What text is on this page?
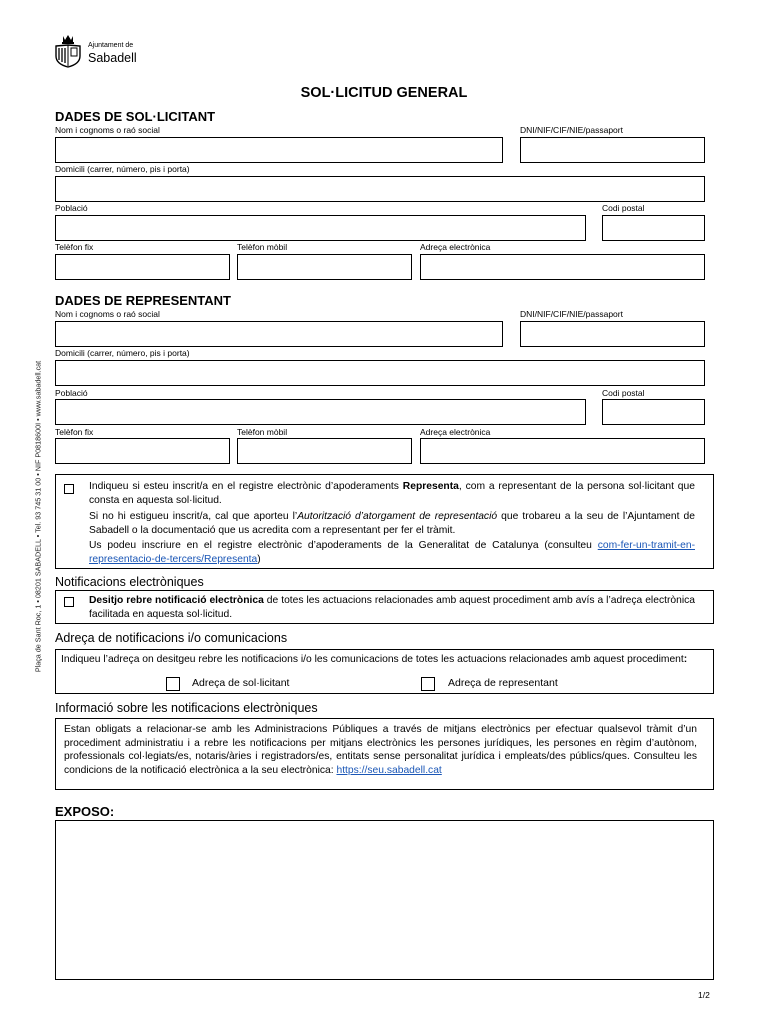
Ajuntament de
Sabadell
Plaça de Sant Roc, 1 • 08201 SABADELL • Tel. 93 745 31 00 • NIF P0818600I • www.sabadell.cat
SOL·LICITUD GENERAL
DADES DE SOL·LICITANT
Nom i cognoms o raó social	DNI/NIF/CIF/NIE/passaport
Domicili (carrer, número, pis i porta)
Població	Codi postal
Telèfon fix	Telèfon mòbil	Adreça electrònica
DADES DE REPRESENTANT
Nom i cognoms o raó social	DNI/NIF/CIF/NIE/passaport
Domicili (carrer, número, pis i porta)
Població	Codi postal
Telèfon fix	Telèfon mòbil	Adreça electrònica
Indiqueu si esteu inscrit/a en el registre electrònic d’apoderaments Representa, com a representant de la persona sol·licitant que consta en aquesta sol·licitud.
Si no hi estigueu inscrit/a, cal que aporteu l’Autorització d’atorgament de representació que trobareu a la seu de l’Ajuntament de Sabadell o la documentació que us acredita com a representant per fer el tràmit.
Us podeu inscriure en el registre electrònic d’apoderaments de la Generalitat de Catalunya (consulteu com-fer-un-tramit-en-representacio-de-tercers/Representa)
Notificacions electròniques
Desitjo rebre notificació electrònica de totes les actuacions relacionades amb aquest procediment amb avís a l’adreça electrònica facilitada en aquesta sol·licitud.
Adreça de notificacions i/o comunicacions
Indiqueu l’adreça on desitgeu rebre les notificacions i/o les comunicacions de totes les actuacions relacionades amb aquest procediment:
Adreça de sol·licitant	Adreça de representant
Informació sobre les notificacions electròniques
Estan obligats a relacionar-se amb les Administracions Públiques a través de mitjans electrònics per efectuar qualsevol tràmit d’un procediment administratiu i a rebre les notificacions per mitjans electrònics les persones jurídiques, les persones en règim d’autònom, professionals col·legiats/es, notaris/àries i registradors/es, entitats sense personalitat jurídica i empleats/des públics/ques. Consulteu les condicions de la notificació electrònica a la seu electrònica: https://seu.sabadell.cat
EXPOSO:
1/2
